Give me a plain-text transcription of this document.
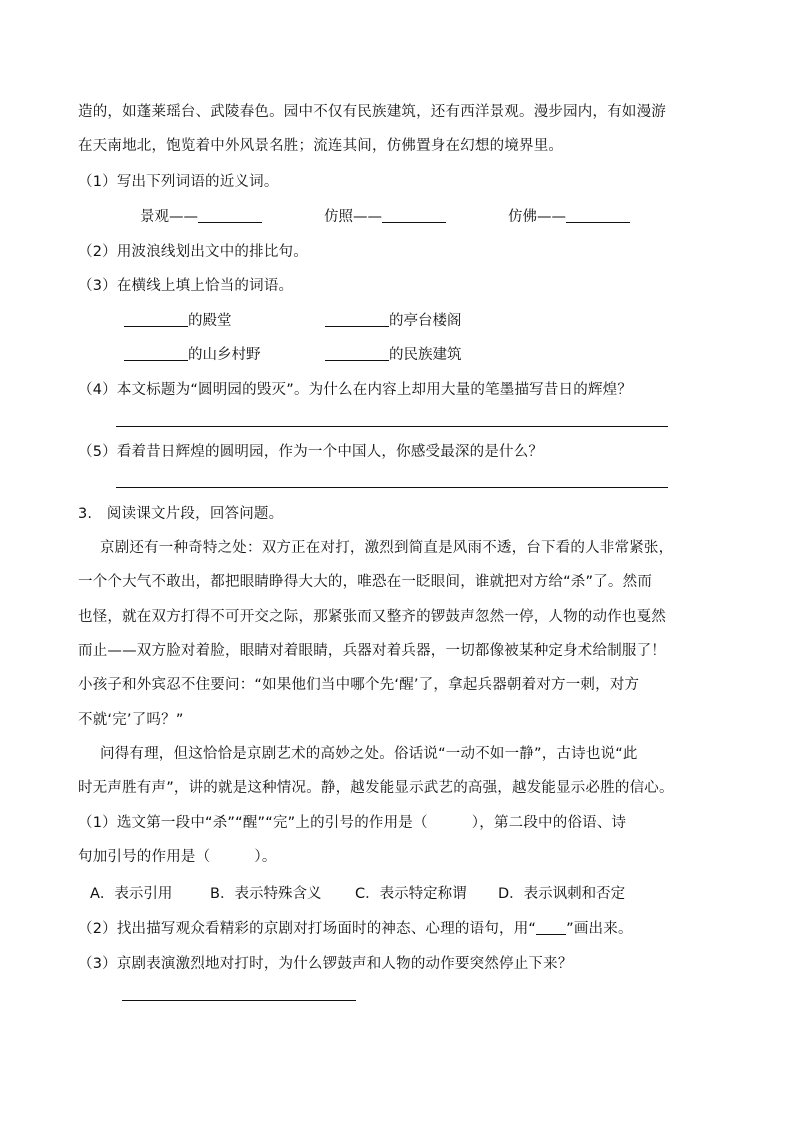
造的，如蓬莱瑶台、武陵春色。园中不仅有民族建筑，还有西洋景观。漫步园内，有如漫游
在天南地北，饱览着中外风景名胜；流连其间，仿佛置身在幻想的境界里。
（1）写出下列词语的近义词。
景观——	仿照——	仿佛——
（2）用波浪线划出文中的排比句。
（3）在横线上填上恰当的词语。
的殿堂	的亭台楼阁
的山乡村野	的民族建筑
（4）本文标题为“圆明园的毁灭”。为什么在内容上却用大量的笔墨描写昔日的辉煌？
（5）看着昔日辉煌的圆明园，作为一个中国人，你感受最深的是什么？
3.　阅读课文片段，回答问题。
京剧还有一种奇特之处：双方正在对打，激烈到简直是风雨不透，台下看的人非常紧张，
一个个大气不敢出，都把眼睛睁得大大的，唯恐在一眨眼间，谁就把对方给“杀”了。然而
也怪，就在双方打得不可开交之际，那紧张而又整齐的锣鼓声忽然一停，人物的动作也戛然
而止——双方脸对着脸，眼睛对着眼睛，兵器对着兵器，一切都像被某种定身术给制服了！
小孩子和外宾忍不住要问：“如果他们当中哪个先‘醒’了，拿起兵器朝着对方一刺，对方
不就‘完’了吗？”
问得有理，但这恰恰是京剧艺术的高妙之处。俗话说“一动不如一静”，古诗也说“此
时无声胜有声”，讲的就是这种情况。静，越发能显示武艺的高强，越发能显示必胜的信心。
（1）选文第一段中“杀”“醒”“完”上的引号的作用是（　　　），第二段中的俗语、诗
句加引号的作用是（　　　）。
A．表示引用	B．表示特殊含义 C．表示特定称谓 D．表示讽刺和否定
（2）找出描写观众看精彩的京剧对打场面时的神态、心理的语句，用“ ”画出来。
（3）京剧表演激烈地对打时，为什么锣鼓声和人物的动作要突然停止下来？
